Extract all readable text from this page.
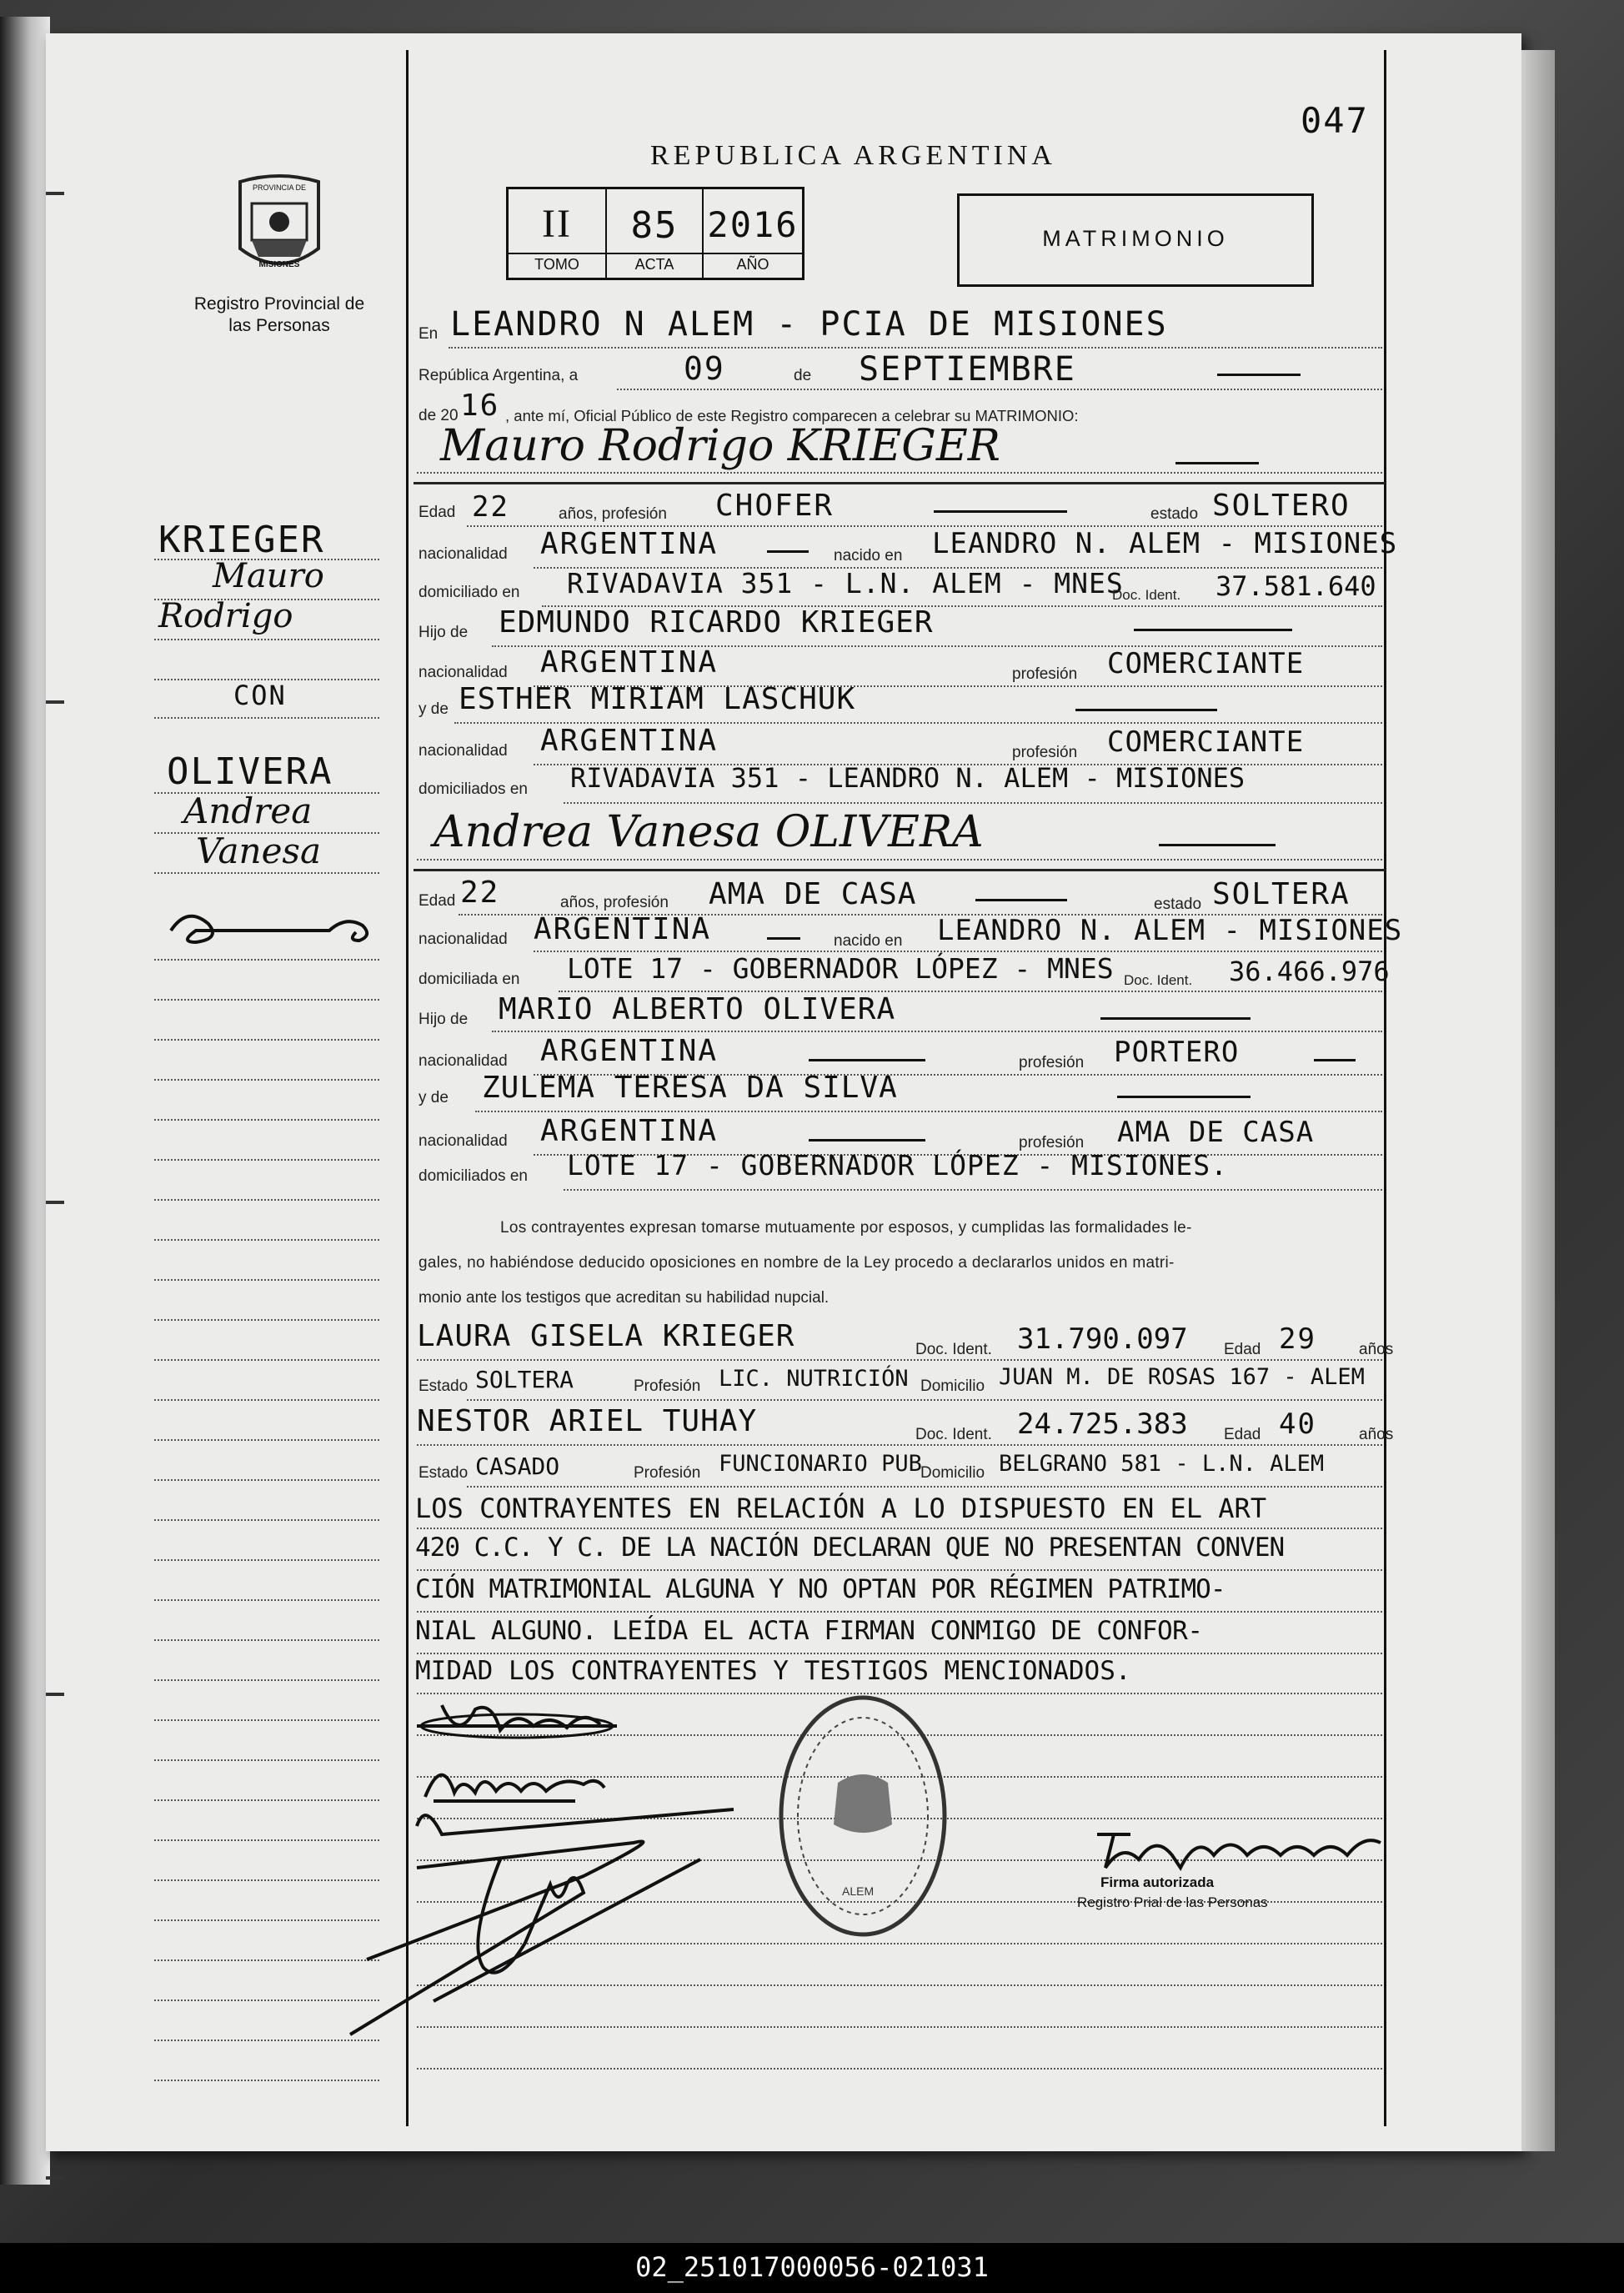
047
REPUBLICA ARGENTINA
PROVINCIA DE
MISIONES
Registro Provincial de las Personas
II	85 2016
TOMO	ACTA	AÑO
MATRIMONIO
En LEANDRO N ALEM - PCIA DE MISIONES
República Argentina, a	09	de SEPTIEMBRE
de 20 16 , ante mí, Oficial Público de este Registro comparecen a celebrar su MATRIMONIO:
Mauro Rodrigo KRIEGER
KRIEGER
Mauro
Rodrigo
CON
OLIVERA
Andrea
Vanesa
Edad 22	años, profesión CHOFER	estado SOLTERO
nacionalidad ARGENTINA	nacido en LEANDRO N. ALEM - MISIONES
domiciliado en RIVADAVIA 351 - L.N. ALEM - MNES
Doc. Ident. 37.581.640
Hijo de EDMUNDO RICARDO KRIEGER
nacionalidad ARGENTINA	profesión COMERCIANTE
y de ESTHER MIRIAM LASCHUK
nacionalidad ARGENTINA	profesión COMERCIANTE
domiciliados en RIVADAVIA 351 - LEANDRO N. ALEM - MISIONES
Andrea Vanesa OLIVERA
Edad 22	años, profesión AMA DE CASA	estado SOLTERA
nacionalidad ARGENTINA	nacido en LEANDRO N. ALEM - MISIONES
domiciliada en LOTE 17 - GOBERNADOR LÓPEZ - MNES Doc. Ident. 36.466.976
Hijo de MARIO ALBERTO OLIVERA
nacionalidad ARGENTINA	profesión PORTERO
y de ZULEMA TERESA DA SILVA
nacionalidad ARGENTINA	profesión AMA DE CASA
domiciliados en LOTE 17 - GOBERNADOR LÓPEZ - MISIONES.
Los contrayentes expresan tomarse mutuamente por esposos, y cumplidas las formalidades le-
gales, no habiéndose deducido oposiciones en nombre de la Ley procedo a declararlos unidos en matri-
monio ante los testigos que acreditan su habilidad nupcial.
LAURA GISELA KRIEGER	Doc. Ident. 31.790.097 Edad 29	años
Estado SOLTERA	Profesión LIC. NUTRICIÓN Domicilio JUAN M. DE ROSAS 167 - ALEM
NESTOR ARIEL TUHAY	Doc. Ident. 24.725.383 Edad 40	años
Estado CASADO	Profesión FUNCIONARIO PUB
Domicilio BELGRANO 581 - L.N. ALEM
LOS CONTRAYENTES EN RELACIÓN A LO DISPUESTO EN EL ART
420 C.C. Y C. DE LA NACIÓN DECLARAN QUE NO PRESENTAN CONVEN
CIÓN MATRIMONIAL ALGUNA Y NO OPTAN POR RÉGIMEN PATRIMO-
NIAL ALGUNO. LEÍDA EL ACTA FIRMAN CONMIGO DE CONFOR-
MIDAD LOS CONTRAYENTES Y TESTIGOS MENCIONADOS.
ALEM
Firma autorizada
Registro Prial de las Personas
02_251017000056-021031
